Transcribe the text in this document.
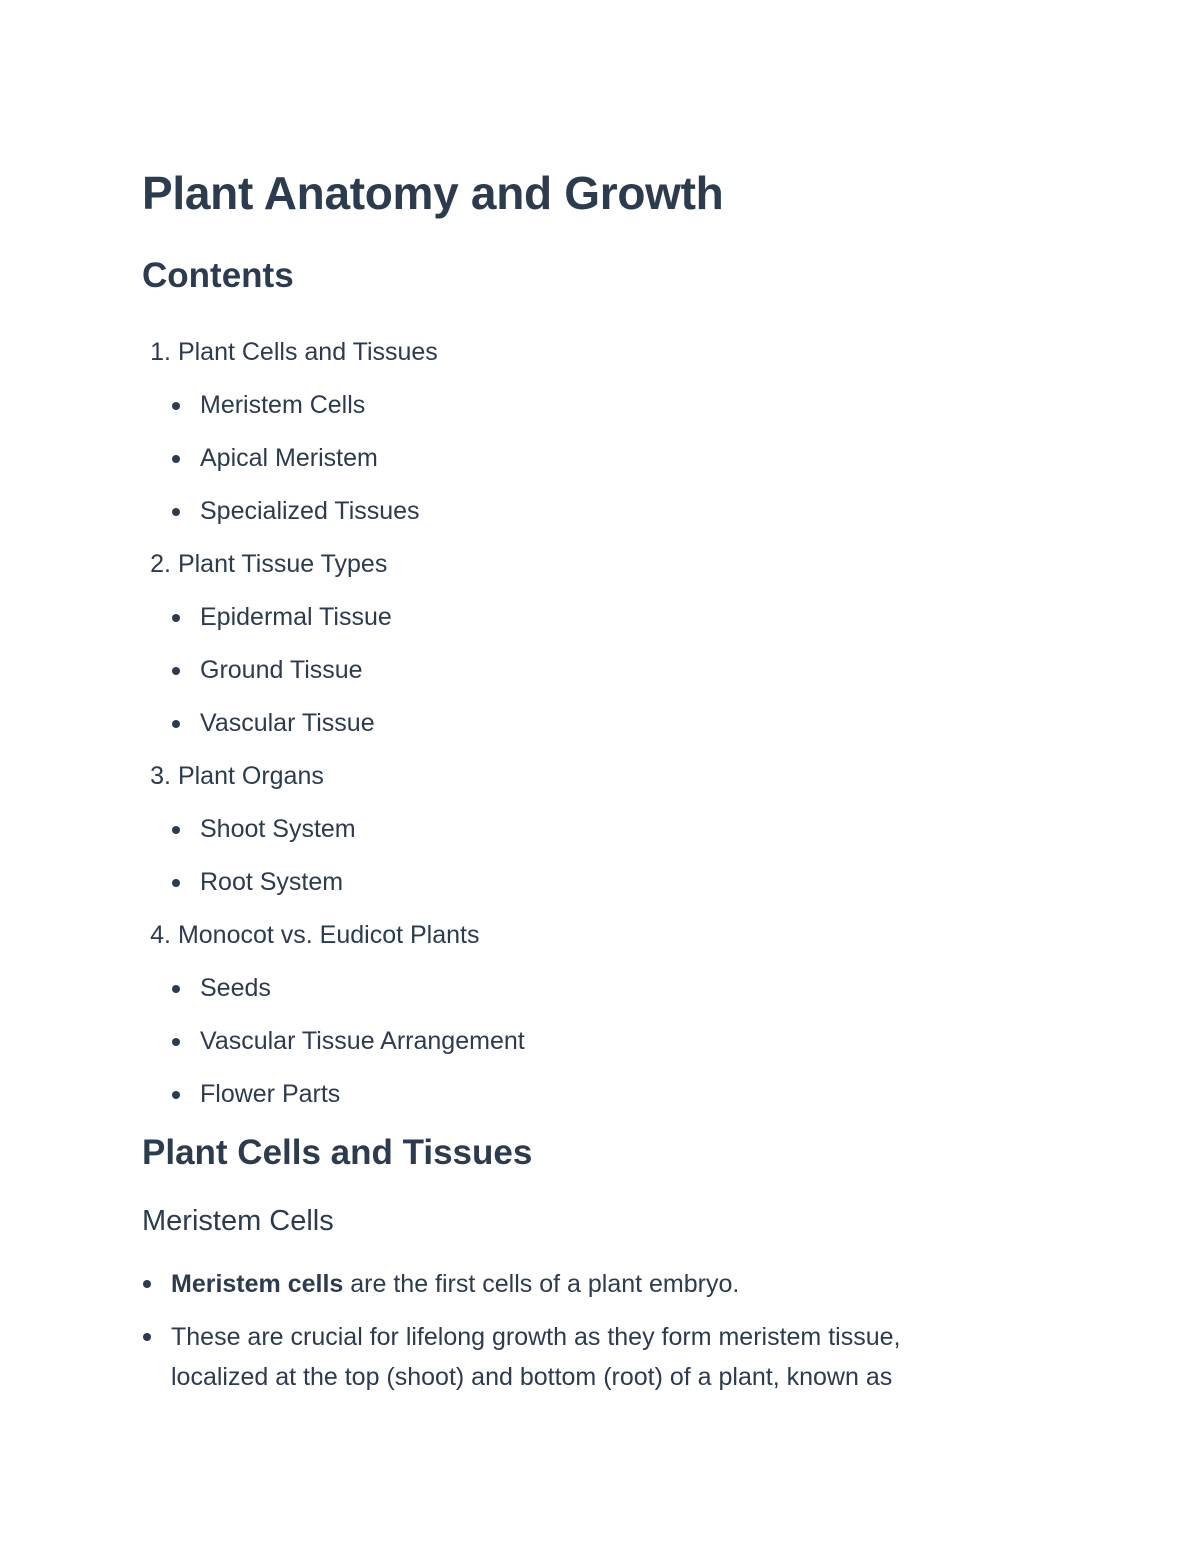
Plant Anatomy and Growth
Contents
1. Plant Cells and Tissues
Meristem Cells
Apical Meristem
Specialized Tissues
2. Plant Tissue Types
Epidermal Tissue
Ground Tissue
Vascular Tissue
3. Plant Organs
Shoot System
Root System
4. Monocot vs. Eudicot Plants
Seeds
Vascular Tissue Arrangement
Flower Parts
Plant Cells and Tissues
Meristem Cells
Meristem cells are the first cells of a plant embryo.
These are crucial for lifelong growth as they form meristem tissue,
localized at the top (shoot) and bottom (root) of a plant, known as
